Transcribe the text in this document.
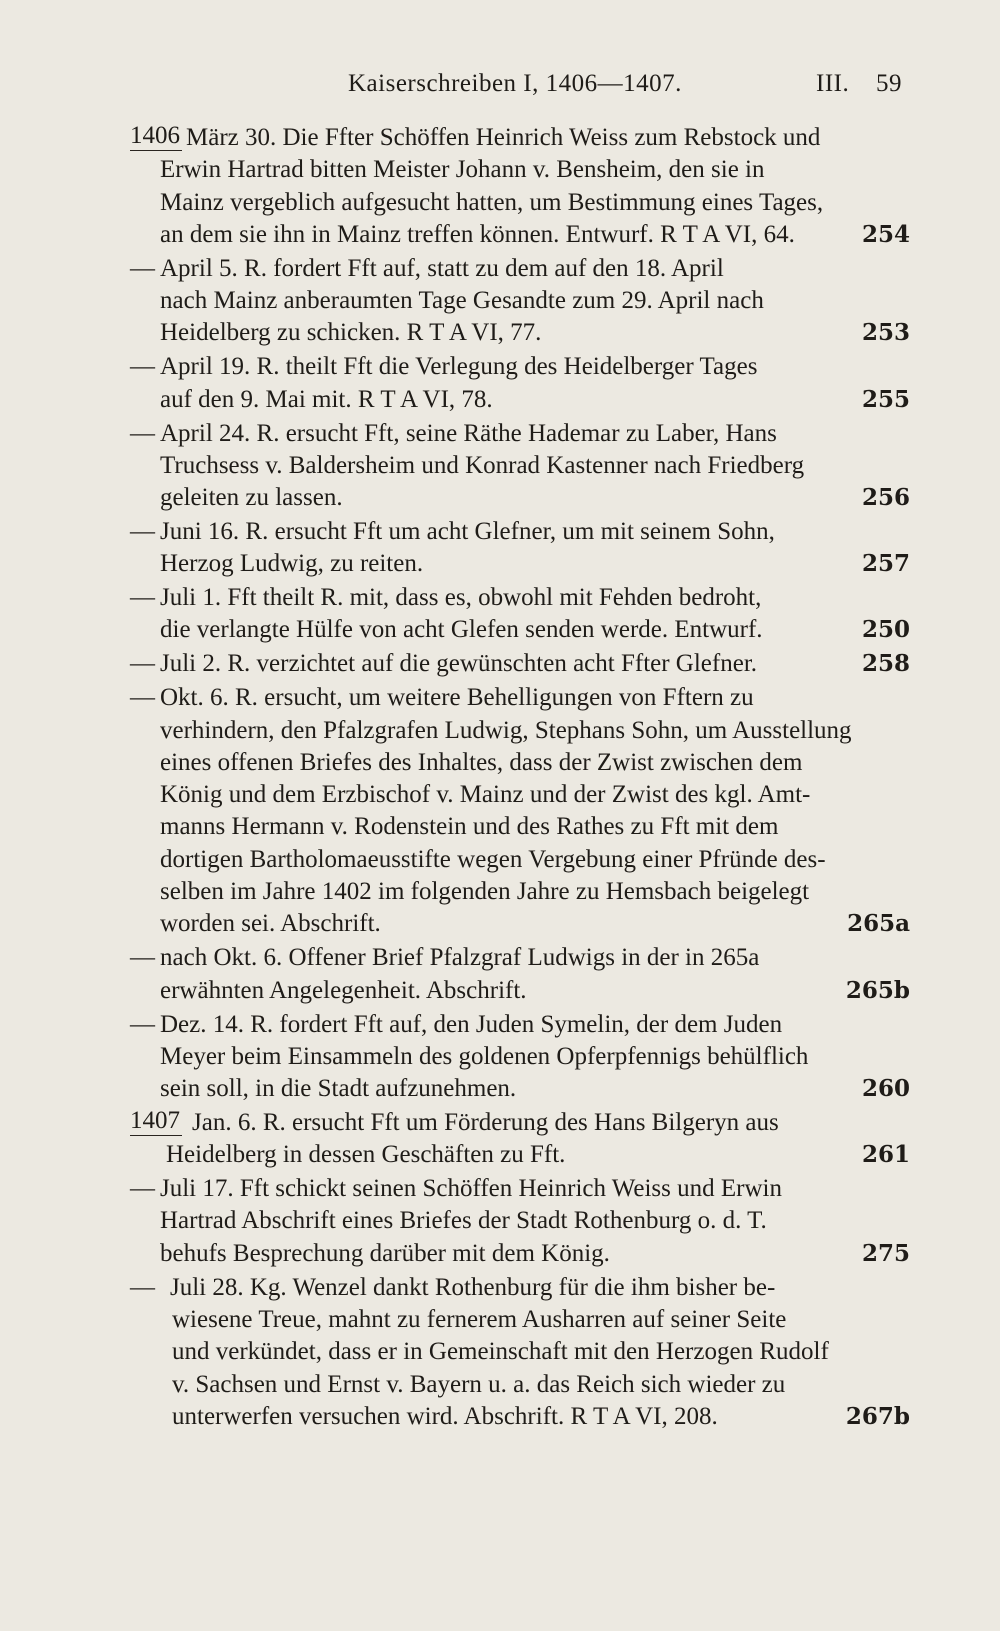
Kaiserschreiben I, 1406—1407.	III. 59
1406 März 30. Die Ffter Schöffen Heinrich Weiss zum Rebstock und
Erwin Hartrad bitten Meister Johann v. Bensheim, den sie in
Mainz vergeblich aufgesucht hatten, um Bestimmung eines Tages,
an dem sie ihn in Mainz treffen können. Entwurf. R T A VI, 64.	254
— April 5. R. fordert Fft auf, statt zu dem auf den 18. April
nach Mainz anberaumten Tage Gesandte zum 29. April nach
Heidelberg zu schicken. R T A VI, 77.	253
— April 19. R. theilt Fft die Verlegung des Heidelberger Tages
auf den 9. Mai mit. R T A VI, 78.	255
— April 24. R. ersucht Fft, seine Räthe Hademar zu Laber, Hans
Truchsess v. Baldersheim und Konrad Kastenner nach Friedberg
geleiten zu lassen.	256
— Juni 16. R. ersucht Fft um acht Glefner, um mit seinem Sohn,
Herzog Ludwig, zu reiten.	257
— Juli 1. Fft theilt R. mit, dass es, obwohl mit Fehden bedroht,
die verlangte Hülfe von acht Glefen senden werde. Entwurf.	250
— Juli 2. R. verzichtet auf die gewünschten acht Ffter Glefner.	258
— Okt. 6. R. ersucht, um weitere Behelligungen von Fftern zu
verhindern, den Pfalzgrafen Ludwig, Stephans Sohn, um Ausstellung
eines offenen Briefes des Inhaltes, dass der Zwist zwischen dem
König und dem Erzbischof v. Mainz und der Zwist des kgl. Amt-
manns Hermann v. Rodenstein und des Rathes zu Fft mit dem
dortigen Bartholomaeusstifte wegen Vergebung einer Pfründe des-
selben im Jahre 1402 im folgenden Jahre zu Hemsbach beigelegt
worden sei. Abschrift.	265a
— nach Okt. 6. Offener Brief Pfalzgraf Ludwigs in der in 265a
erwähnten Angelegenheit. Abschrift.	265b
— Dez. 14. R. fordert Fft auf, den Juden Symelin, der dem Juden
Meyer beim Einsammeln des goldenen Opferpfennigs behülflich
sein soll, in die Stadt aufzunehmen.	260
1407 Jan. 6. R. ersucht Fft um Förderung des Hans Bilgeryn aus
Heidelberg in dessen Geschäften zu Fft.	261
— Juli 17. Fft schickt seinen Schöffen Heinrich Weiss und Erwin
Hartrad Abschrift eines Briefes der Stadt Rothenburg o. d. T.
behufs Besprechung darüber mit dem König.	275
— Juli 28. Kg. Wenzel dankt Rothenburg für die ihm bisher be-
wiesene Treue, mahnt zu fernerem Ausharren auf seiner Seite
und verkündet, dass er in Gemeinschaft mit den Herzogen Rudolf
v. Sachsen und Ernst v. Bayern u. a. das Reich sich wieder zu
unterwerfen versuchen wird. Abschrift. R T A VI, 208.	267b
